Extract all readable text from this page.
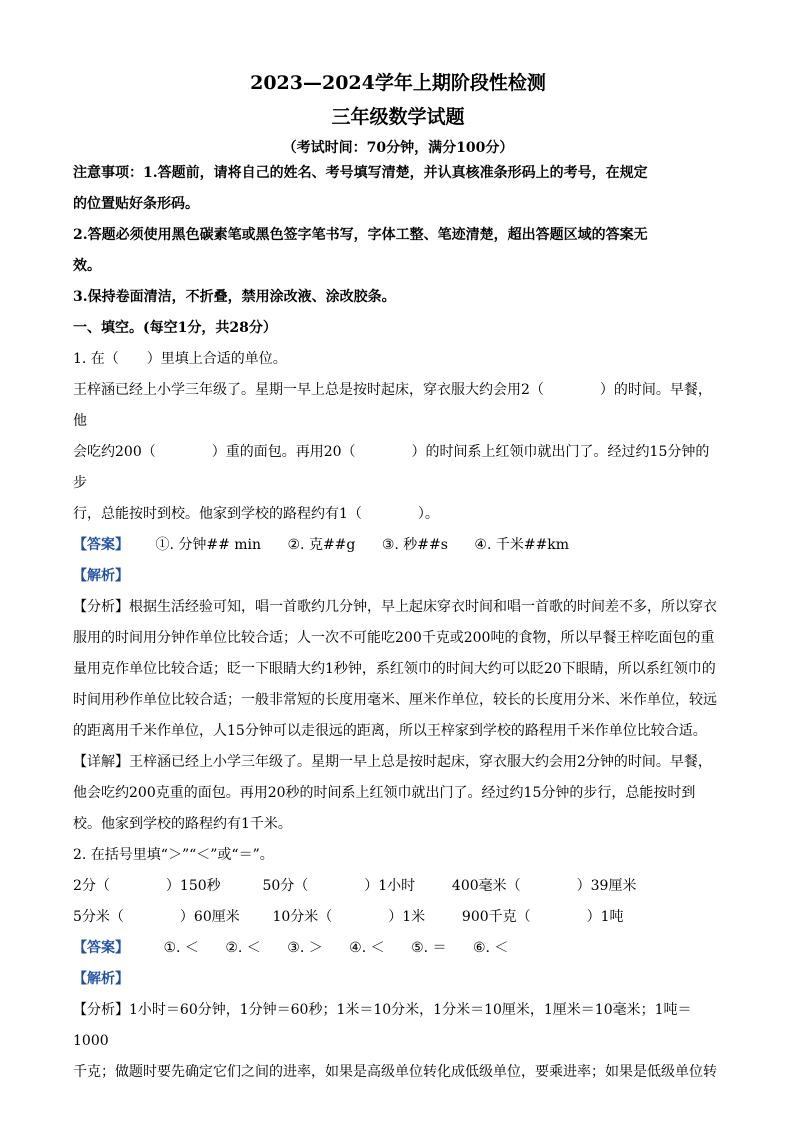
2023—2024学年上期阶段性检测
三年级数学试题
（考试时间：70分钟，满分100分）

注意事项：1.答题前，请将自己的姓名、考号填写清楚，并认真核准条形码上的考号，在规定

的位置贴好条形码。

2.答题必须使用黑色碳素笔或黑色签字笔书写，字体工整、笔迹清楚，超出答题区域的答案无

效。

3.保持卷面清洁，不折叠，禁用涂改液、涂改胶条。

一、填空。(每空1分，共28分）

1. 在（　　）里填上合适的单位。

王梓涵已经上小学三年级了。星期一早上总是按时起床，穿衣服大约会用2（　　　　）的时间。早餐，他

会吃约200（　　　　）重的面包。再用20（　　　　）的时间系上红领巾就出门了。经过约15分钟的步

行，总能按时到校。他家到学校的路程约有1（　　　　）。

【答案】 ①. 分钟## min ②. 克##g ③. 秒##s ④. 千米##km

【解析】

【分析】根据生活经验可知，唱一首歌约几分钟，早上起床穿衣时间和唱一首歌的时间差不多，所以穿衣

服用的时间用分钟作单位比较合适；人一次不可能吃200千克或200吨的食物，所以早餐王梓吃面包的重

量用克作单位比较合适；眨一下眼睛大约1秒钟，系红领巾的时间大约可以眨20下眼睛，所以系红领巾的

时间用秒作单位比较合适；一般非常短的长度用毫米、厘米作单位，较长的长度用分米、米作单位，较远

的距离用千米作单位，人15分钟可以走很远的距离，所以王梓家到学校的路程用千米作单位比较合适。

【详解】王梓涵已经上小学三年级了。星期一早上总是按时起床，穿衣服大约会用2分钟的时间。早餐，

他会吃约200克重的面包。再用20秒的时间系上红领巾就出门了。经过约15分钟的步行，总能按时到

校。他家到学校的路程约有1千米。

2. 在括号里填“＞”“＜”或“＝”。

2分（　　　　）150秒	50分（　　　　）1小时	400毫米（　　　　）39厘米

5分米（　　　　）60厘米 10分米（　　　　）1米	900千克（　　　　）1吨

【答案】 ①. ＜ ②. ＜ ③. ＞ ④. ＜ ⑤. ＝ ⑥. ＜

【解析】

【分析】1小时＝60分钟，1分钟＝60秒；1米＝10分米，1分米＝10厘米，1厘米＝10毫米；1吨＝1000

千克；做题时要先确定它们之间的进率，如果是高级单位转化成低级单位，要乘进率；如果是低级单位转
